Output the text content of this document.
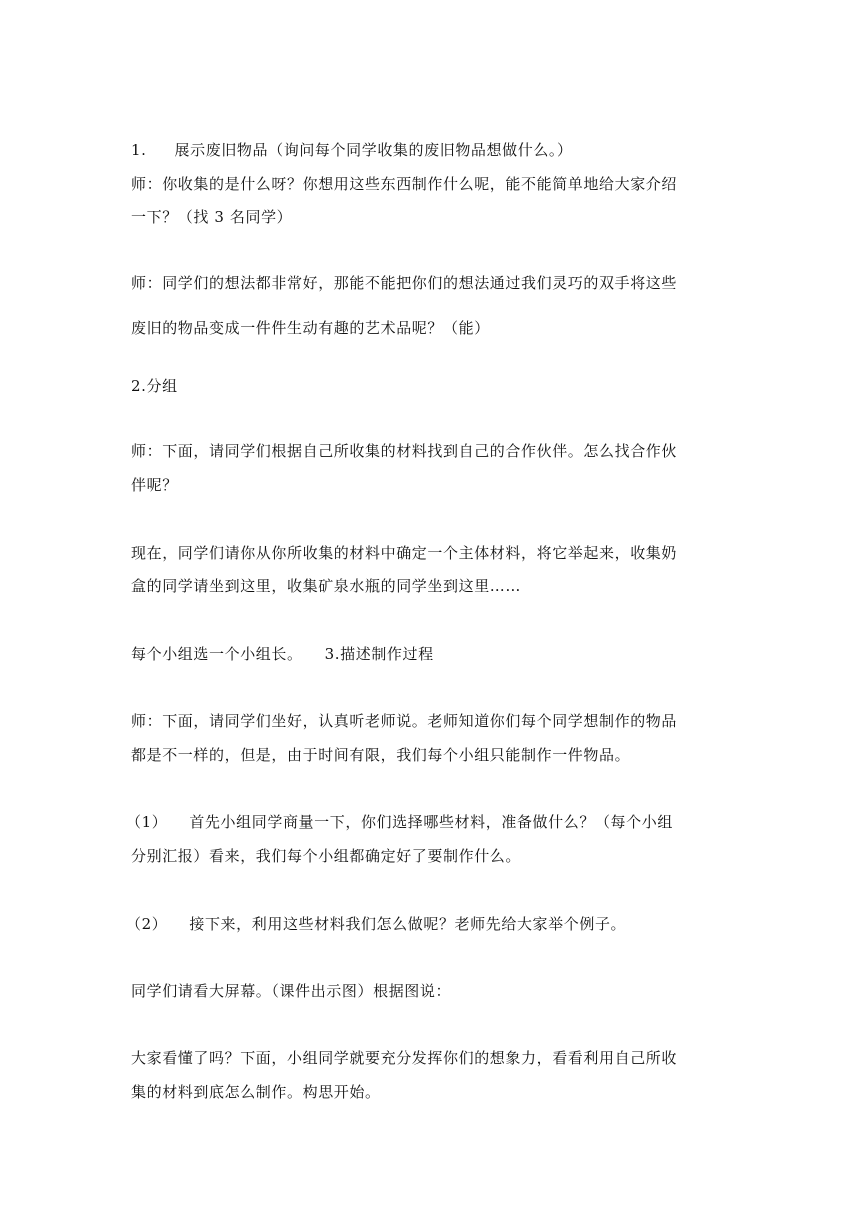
1. 展示废旧物品（询问每个同学收集的废旧物品想做什么。）

师：你收集的是什么呀？你想用这些东西制作什么呢，能不能简单地给大家介绍

一下？（找 3 名同学）

师：同学们的想法都非常好，那能不能把你们的想法通过我们灵巧的双手将这些

废旧的物品变成一件件生动有趣的艺术品呢？（能）

2.分组

师：下面，请同学们根据自己所收集的材料找到自己的合作伙伴。怎么找合作伙

伴呢？

现在，同学们请你从你所收集的材料中确定一个主体材料，将它举起来，收集奶

盒的同学请坐到这里，收集矿泉水瓶的同学坐到这里……

每个小组选一个小组长。 3.描述制作过程

师：下面，请同学们坐好，认真听老师说。老师知道你们每个同学想制作的物品

都是不一样的，但是，由于时间有限，我们每个小组只能制作一件物品。

（1） 首先小组同学商量一下，你们选择哪些材料，准备做什么？（每个小组

分别汇报）看来，我们每个小组都确定好了要制作什么。

（2） 接下来，利用这些材料我们怎么做呢？老师先给大家举个例子。

同学们请看大屏幕。（课件出示图）根据图说：

大家看懂了吗？下面，小组同学就要充分发挥你们的想象力，看看利用自己所收

集的材料到底怎么制作。构思开始。
